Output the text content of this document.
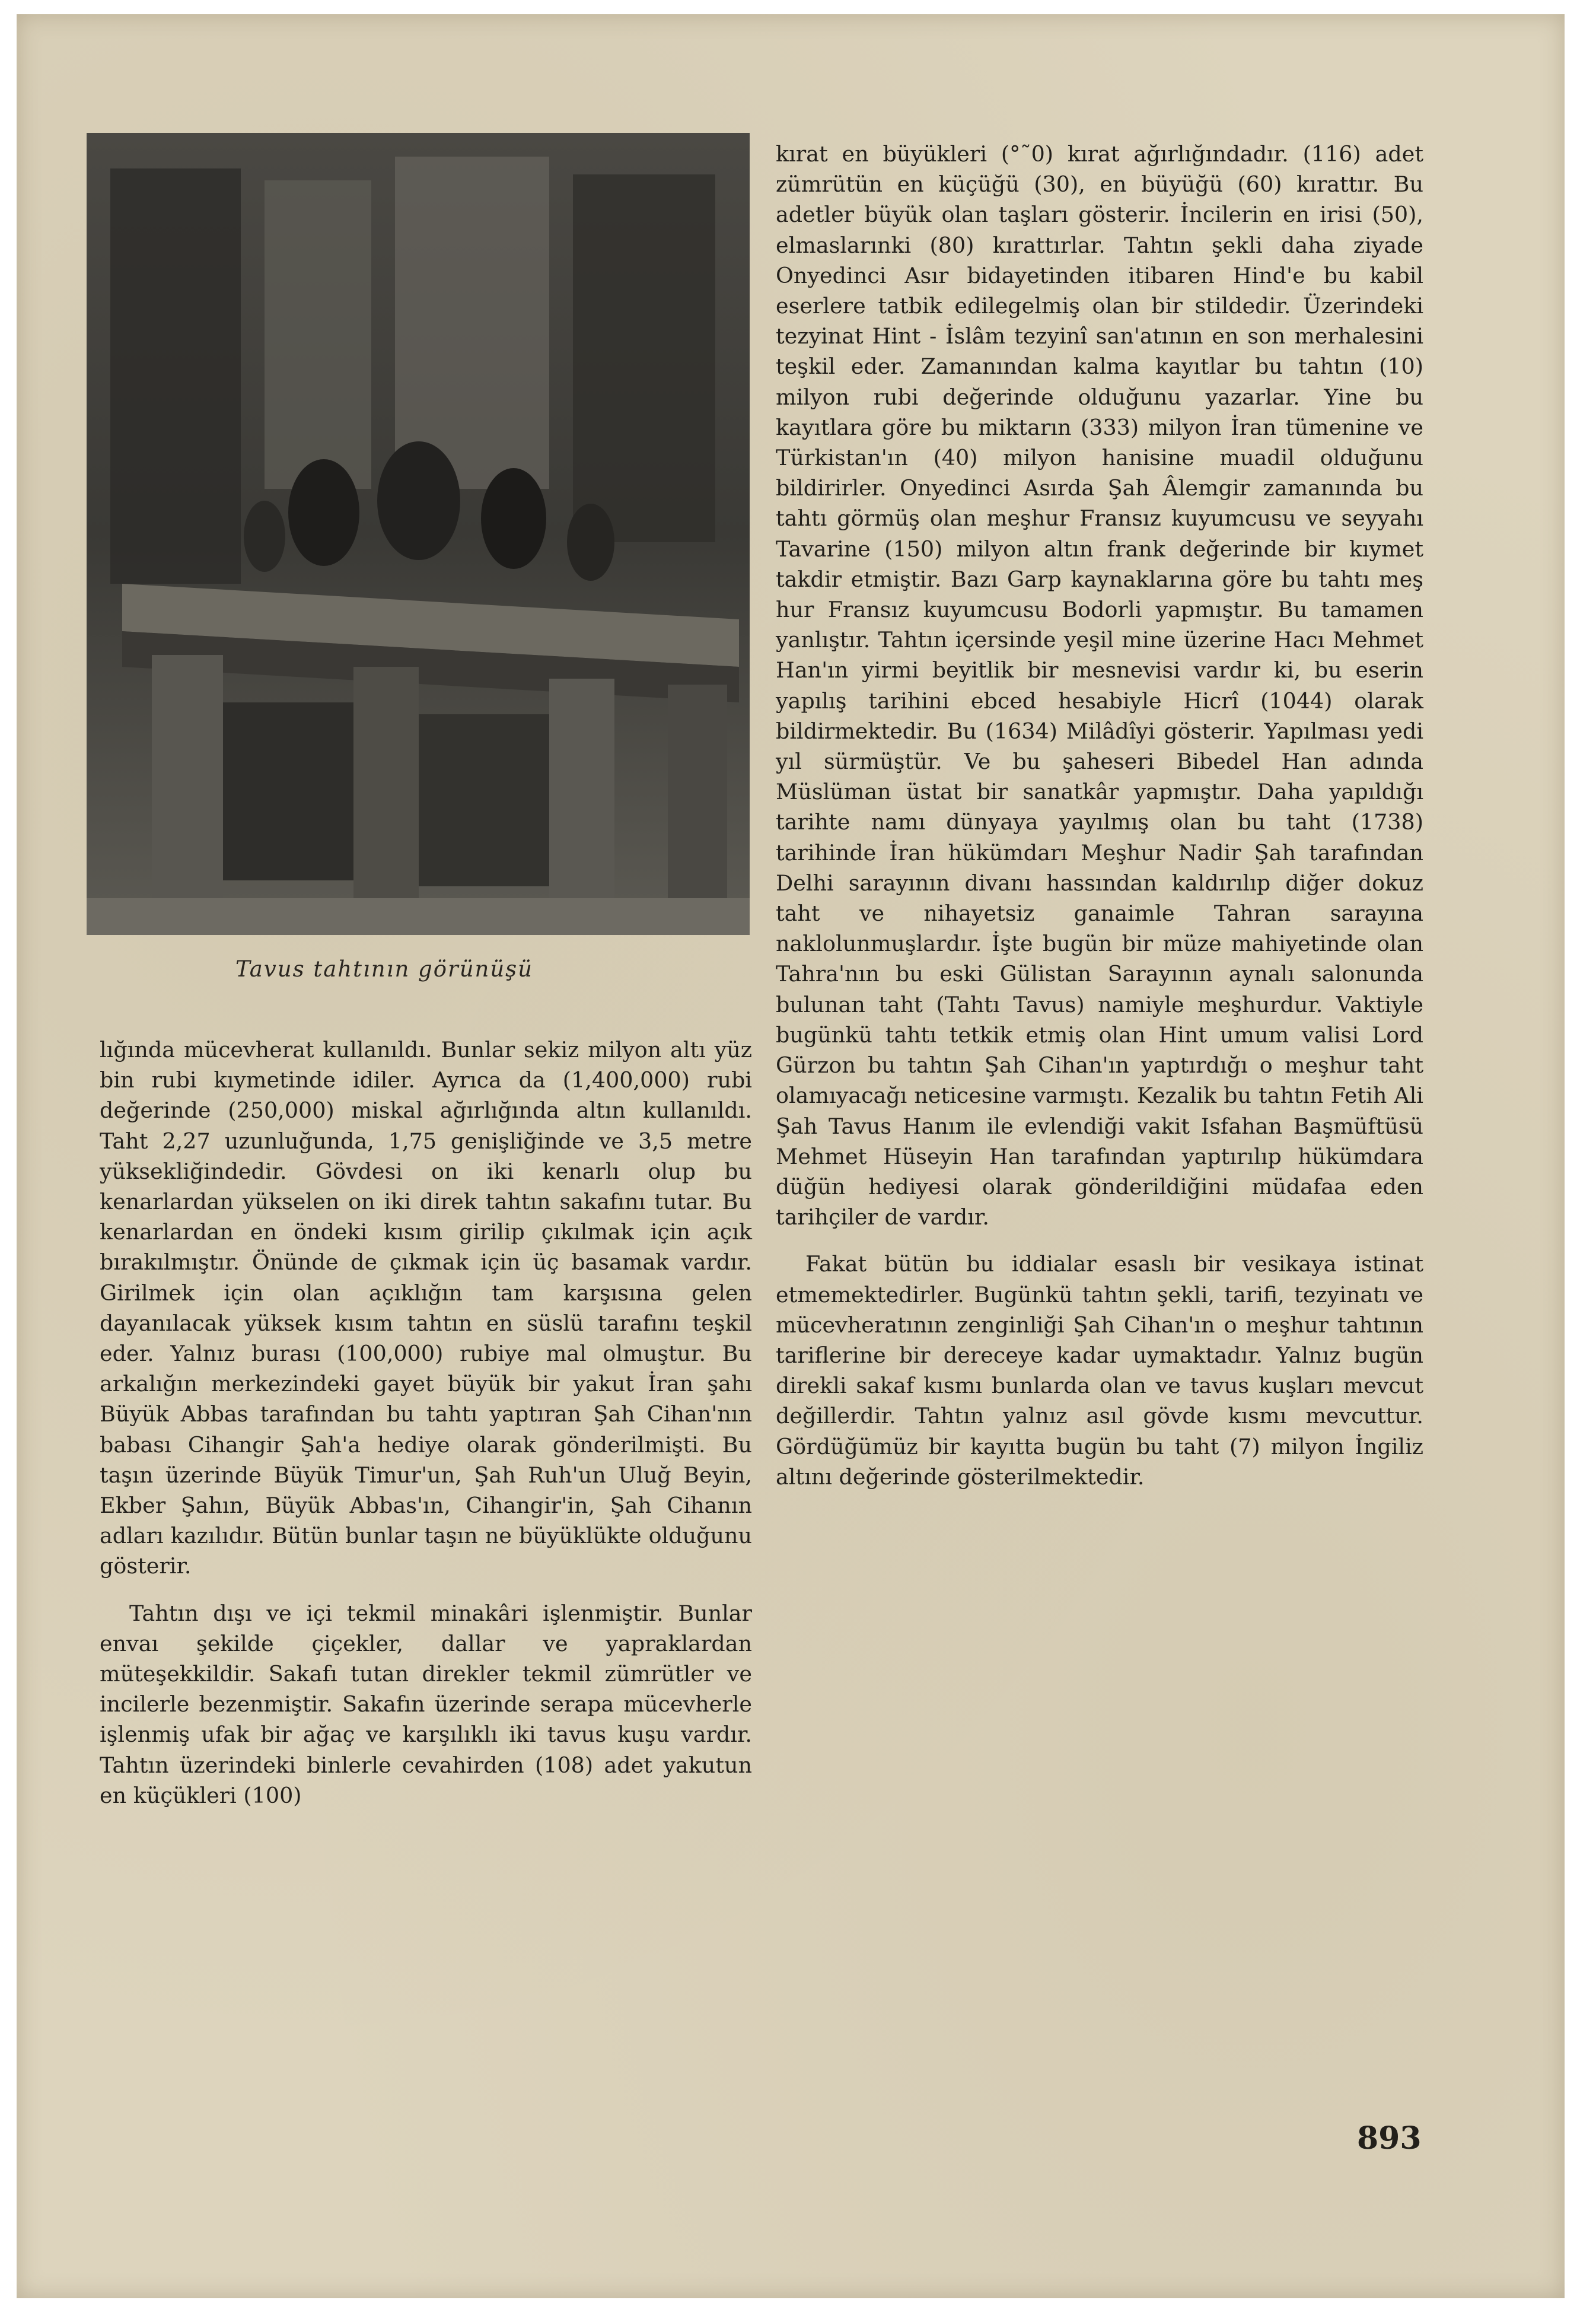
Tavus tahtının görünüşü

lığında mücevherat kullanıldı. Bunlar sekiz milyon altı yüz bin rubi kıymetinde idiler. Ayrıca da (1,400,000) rubi değerinde (250,000) miskal ağırlığında altın kullanıldı. Taht 2,27 uzunluğunda, 1,75 genişliğinde ve 3,5 metre yüksekliğindedir. Gövdesi on iki kenarlı olup bu kenarlardan yükselen on iki direk tahtın sakafını tutar. Bu kenarlardan en öndeki kısım girilip çıkılmak için açık bırakılmıştır. Önünde de çıkmak için üç basamak vardır. Girilmek için olan açıklığın tam karşısına gelen dayanılacak yüksek kısım tahtın en süslü tarafını teşkil eder. Yalnız burası (100,000) rubiye mal olmuştur. Bu arkalığın merkezindeki gayet büyük bir yakut İran şahı Büyük Abbas tarafından bu tahtı yaptıran Şah Cihan'nın babası Cihangir Şah'a hediye olarak gönderilmişti. Bu taşın üzerinde Büyük Timur'un, Şah Ruh'un Uluğ Beyin, Ekber Şahın, Büyük Abbas'ın, Cihangir'in, Şah Cihanın adları kazılıdır. Bütün bunlar taşın ne büyüklükte olduğunu gösterir.

Tahtın dışı ve içi tekmil minakâri işlenmiştir. Bunlar envaı şekilde çiçekler, dallar ve yapraklardan müteşekkildir. Sakafı tutan direkler tekmil zümrütler ve incilerle bezenmiştir. Sakafın üzerinde serapa mücevherle işlenmiş ufak bir ağaç ve karşılıklı iki tavus kuşu vardır. Tahtın üzerindeki binlerle cevahirden (108) adet yakutun en küçükleri (100)

kırat en büyükleri (°˜0) kırat ağırlığındadır. (116) adet zümrütün en küçüğü (30), en büyüğü (60) kırattır. Bu adetler büyük olan taşları gösterir. İncilerin en irisi (50), elmaslarınki (80) kırattırlar. Tahtın şekli daha ziyade Onyedinci Asır bidayetinden itibaren Hind'e bu kabil eserlere tatbik edilegelmiş olan bir stildedir. Üzerindeki tezyinat Hint - İslâm tezyinî san'atının en son merhalesini teşkil eder. Zamanından kalma kayıtlar bu tahtın (10) milyon rubi değerinde olduğunu yazarlar. Yine bu kayıtlara göre bu miktarın (333) milyon İran tümenine ve Türkistan'ın (40) milyon hanisine muadil olduğunu bildirirler. Onyedinci Asırda Şah Âlemgir zamanında bu tahtı görmüş olan meşhur Fransız kuyumcusu ve seyyahı Tavarine (150) milyon altın frank değerinde bir kıymet takdir etmiştir. Bazı Garp kaynaklarına göre bu tahtı meş hur Fransız kuyumcusu Bodorli yapmıştır. Bu tamamen yanlıştır. Tahtın içersinde yeşil mine üzerine Hacı Mehmet Han'ın yirmi beyitlik bir mesnevisi vardır ki, bu eserin yapılış tarihini ebced hesabiyle Hicrî (1044) olarak bildirmektedir. Bu (1634) Milâdîyi gösterir. Yapılması yedi yıl sürmüştür. Ve bu şaheseri Bibedel Han adında Müslüman üstat bir sanatkâr yapmıştır. Daha yapıldığı tarihte namı dünyaya yayılmış olan bu taht (1738) tarihinde İran hükümdarı Meşhur Nadir Şah tarafından Delhi sarayının divanı hassından kaldırılıp diğer dokuz taht ve nihayetsiz ganaimle Tahran sarayına naklolunmuşlardır. İşte bugün bir müze mahiyetinde olan Tahra'nın bu eski Gülistan Sarayının aynalı salonunda bulunan taht (Tahtı Tavus) namiyle meşhurdur. Vaktiyle bugünkü tahtı tetkik etmiş olan Hint umum valisi Lord Gürzon bu tahtın Şah Cihan'ın yaptırdığı o meşhur taht olamıyacağı neticesine varmıştı. Kezalik bu tahtın Fetih Ali Şah Tavus Hanım ile evlendiği vakit Isfahan Başmüftüsü Mehmet Hüseyin Han tarafından yaptırılıp hükümdara düğün hediyesi olarak gönderildiğini müdafaa eden tarihçiler de vardır.

Fakat bütün bu iddialar esaslı bir vesikaya istinat etmemektedirler. Bugünkü tahtın şekli, tarifi, tezyinatı ve mücevheratının zenginliği Şah Cihan'ın o meşhur tahtının tariflerine bir dereceye kadar uymaktadır. Yalnız bugün direkli sakaf kısmı bunlarda olan ve tavus kuşları mevcut değillerdir. Tahtın yalnız asıl gövde kısmı mevcuttur. Gördüğümüz bir kayıtta bugün bu taht (7) milyon İngiliz altını değerinde gösterilmektedir.

893
